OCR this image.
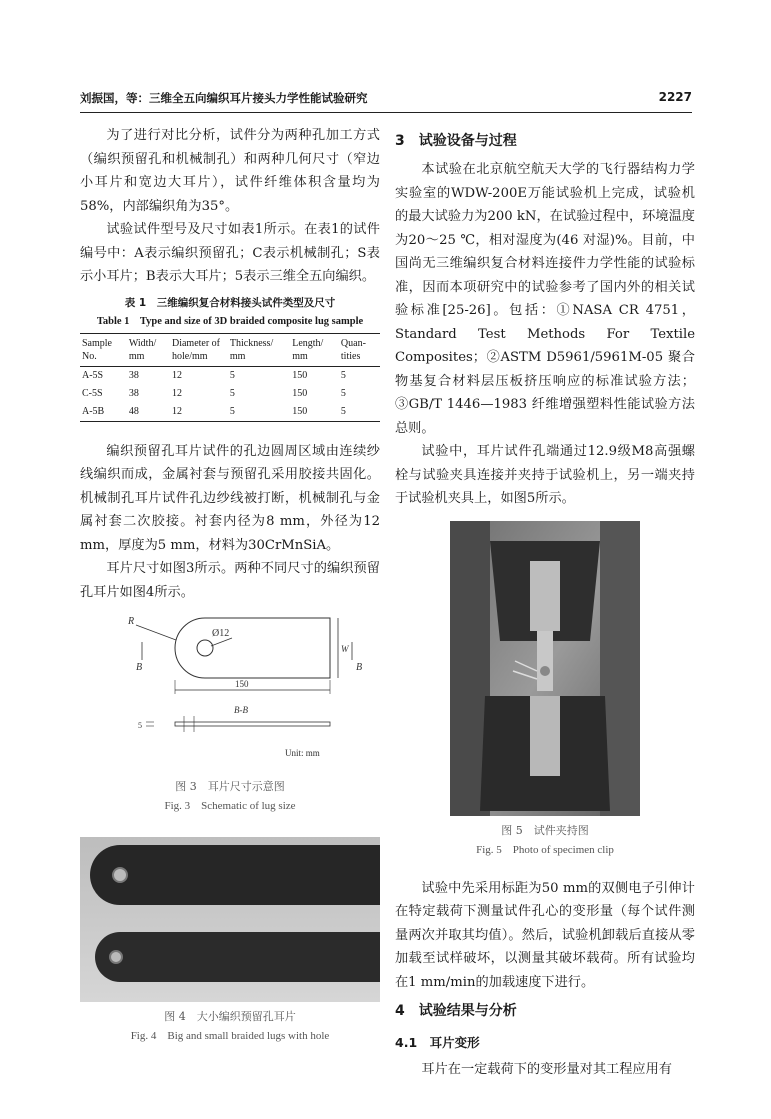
刘振国，等：三维全五向编织耳片接头力学性能试验研究	2227

为了进行对比分析，试件分为两种孔加工方式（编织预留孔和机械制孔）和两种几何尺寸（窄边小耳片和宽边大耳片），试件纤维体积含量均为58%，内部编织角为35°。

试验试件型号及尺寸如表1所示。在表1的试件编号中：A表示编织预留孔；C表示机械制孔；S表示小耳片；B表示大耳片；5表示三维全五向编织。

表 1　三维编织复合材料接头试件类型及尺寸
Table 1　Type and size of 3D braided composite lug sample
Sample No.	Width/ mm	Diameter of hole/mm	Thickness/ mm	Length/ mm	Quan-tities
A-5S	38	12	5	150	5
C-5S	38	12	5	150	5
A-5B	48	12	5	150	5

编织预留孔耳片试件的孔边圆周区域由连续纱线编织而成，金属衬套与预留孔采用胶接共固化。机械制孔耳片试件孔边纱线被打断，机械制孔与金属衬套二次胶接。衬套内径为8 mm，外径为12 mm，厚度为5 mm，材料为30CrMnSiA。

耳片尺寸如图3所示。两种不同尺寸的编织预留孔耳片如图4所示。

R
Ø12
B	B
W
150
B-B
5
Unit: mm
图 3　耳片尺寸示意图
Fig. 3　Schematic of lug size
图 4　大小编织预留孔耳片
Fig. 4　Big and small braided lugs with hole
3　试验设备与过程

本试验在北京航空航天大学的飞行器结构力学实验室的WDW-200E万能试验机上完成，试验机的最大试验力为200 kN，在试验过程中，环境温度为20～25 ℃，相对湿度为(46 对湿)%。目前，中国尚无三维编织复合材料连接件力学性能的试验标准，因而本项研究中的试验参考了国内外的相关试验标准[25-26]。包括：①NASA CR 4751，Standard Test Methods For Textile Composites；②ASTM D5961/5961M-05 聚合物基复合材料层压板挤压响应的标准试验方法；③GB/T 1446—1983 纤维增强塑料性能试验方法总则。

试验中，耳片试件孔端通过12.9级M8高强螺栓与试验夹具连接并夹持于试验机上，另一端夹持于试验机夹具上，如图5所示。

图 5　试件夹持图
Fig. 5　Photo of specimen clip

试验中先采用标距为50 mm的双侧电子引伸计在特定载荷下测量试件孔心的变形量（每个试件测量两次并取其均值）。然后，试验机卸载后直接从零加载至试样破坏，以测量其破坏载荷。所有试验均在1 mm/min的加载速度下进行。

4　试验结果与分析
4.1　耳片变形

耳片在一定载荷下的变形量对其工程应用有
